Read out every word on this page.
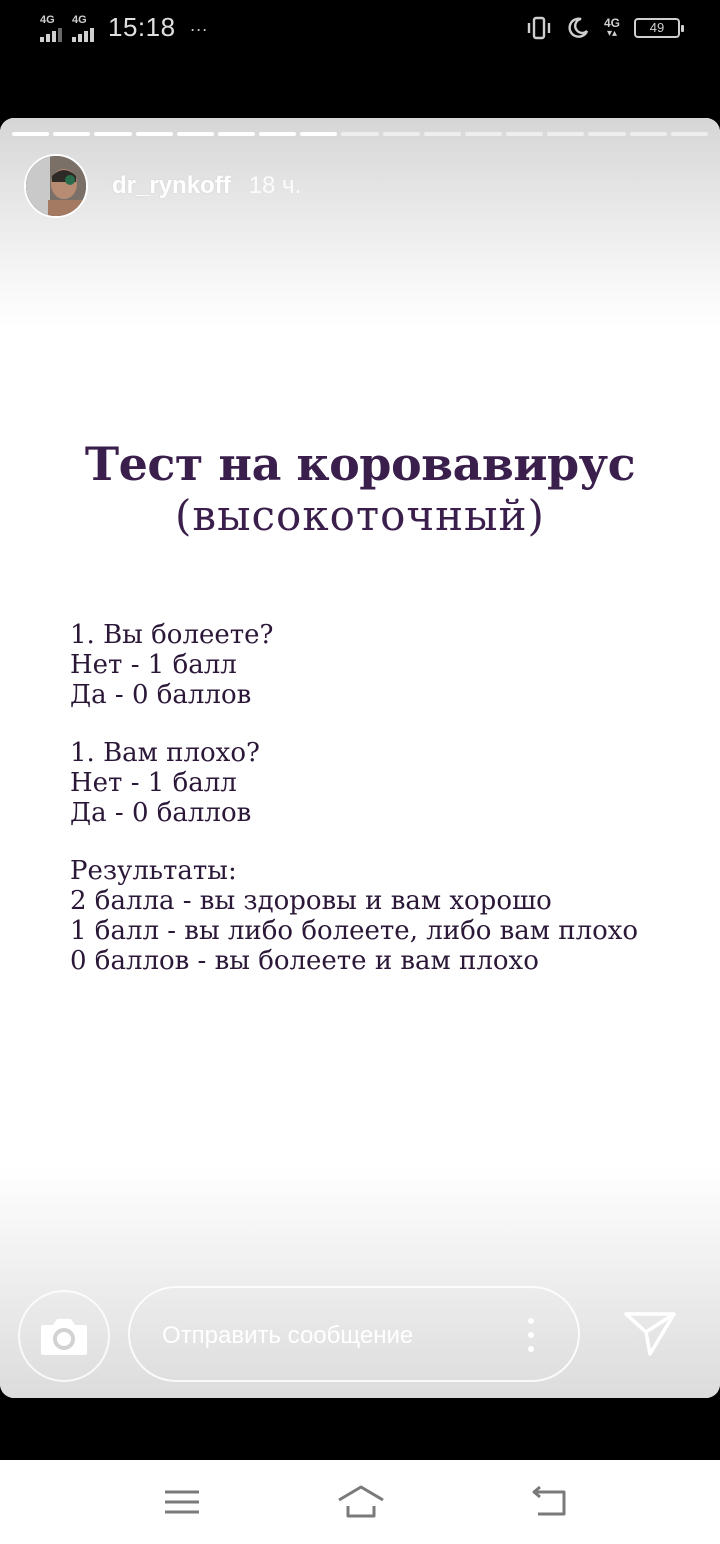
4G 4G 15:18 ···	4G
▾▴	49
Тест на коровавирус
(высокоточный)
1. Вы болеете?
Нет - 1 балл
Да - 0 баллов
1. Вам плохо?
Нет - 1 балл
Да - 0 баллов
Результаты:
2 балла - вы здоровы и вам хорошо
1 балл - вы либо болеете, либо вам плохо
0 баллов - вы болеете и вам плохо
dr_rynkoff 18 ч.
Отправить сообщение
